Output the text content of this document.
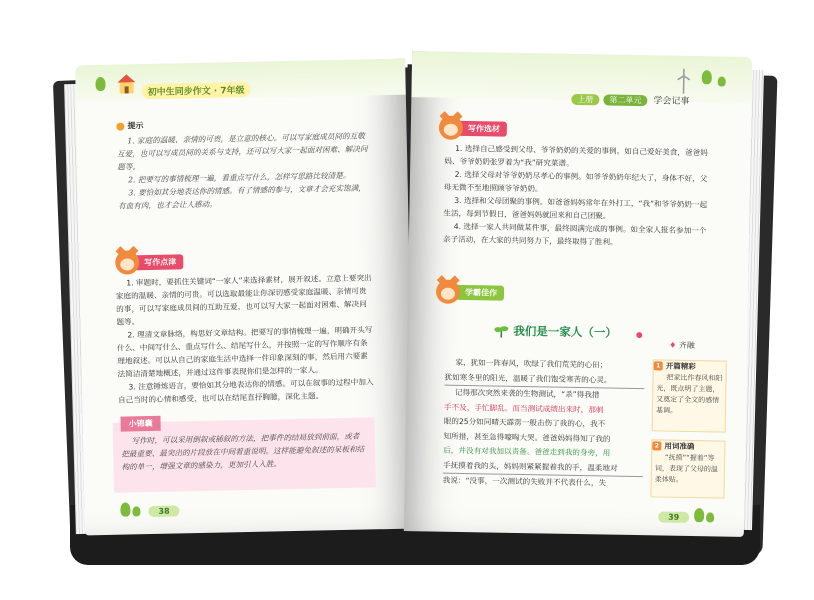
初中生同步作文 · 7年级
提示

1. 家庭的温暖、亲情的可贵，是立意的核心。可以写家庭成员间的互敬互爱，也可以写成员间的关系与支持，还可以写大家一起面对困难、解决问题等。

2. 把要写的事情梳理一遍，看重点写什么，怎样写思路比较清楚。

3. 要恰如其分地表达你的情感。有了情感的参与，文章才会充实饱满，有血有肉，也才会让人感动。

写作点津

1. 审题时，要抓住关键词“一家人”来选择素材，展开叙述。立意上要突出家庭的温暖、亲情的可贵。可以选取最能让你深切感受家庭温暖、亲情可贵的事，可以写家庭成员间的互助互爱，也可以写大家一起面对困难、解决问题等。

2. 理清文章脉络，构思好文章结构。把要写的事情梳理一遍，明确开头写什么、中间写什么、重点写什么、结尾写什么，并按照一定的写作顺序有条理地叙述。可以从自己的家庭生活中选择一件印象深刻的事，然后用六要素法简洁清楚地概述，并通过这件事表现你们是怎样的一家人。

3. 注意锤炼语言，要恰如其分地表达你的情感。可以在叙事的过程中加入自己当时的心情和感受，也可以在结尾直抒胸臆，深化主题。

小锦囊
写作时，可以采用倒叙或插叙的方法，把事件的结局放到前面，或者把最重要、最突出的片段放在中间着重说明。这样能避免叙述的呆板和结构的单一，增强文章的感染力，更加引人入胜。
38
上册 第二单元 学会记事
写作选材

1. 选择自己感受到父母、爷爷奶奶的关爱的事例。如自己爱好美食，爸爸妈妈、爷爷奶奶张罗着为“我”研究菜谱。

2. 选择父母对爷爷奶奶尽孝心的事例。如爷爷奶奶年纪大了，身体不好，父母无微不至地照顾爷爷奶奶。

3. 选择和父母团聚的事例。如爸爸妈妈常年在外打工，“我”和爷爷奶奶一起生活，每到节假日，爸爸妈妈就回来和自己团聚。

4. 选择一家人共同做某件事，最终圆满完成的事例。如全家人报名参加一个亲子活动，在大家的共同努力下，最终取得了胜利。

学霸佳作
我们是一家人（一）
♦ 齐融
家，犹如一阵春风，吹绿了我们荒芜的心田；
犹如寒冬里的阳光，温暖了我们饱受寒苦的心灵。
记得那次突然来袭的生物测试，“杀”得我措
手不及，手忙脚乱。而当测试成绩出来时，那刺
眼的25分如同晴天霹雳一般击伤了我的心，我不
知所措，甚至急得嚎啕大哭。爸爸妈妈得知了我的
后，并没有对我加以责备。爸爸走到我的身旁，用
手抚摸着我的头，妈妈则紧紧握着我的手，温柔地对
我说：“没事，一次测试的失败并不代表什么，失
1 开篇精彩
把家比作春风和阳光，既点明了主题，又奠定了全文的感情基调。
2 用词准确
“抚摸”“握着”等词，表现了父母的温柔体贴。
39
